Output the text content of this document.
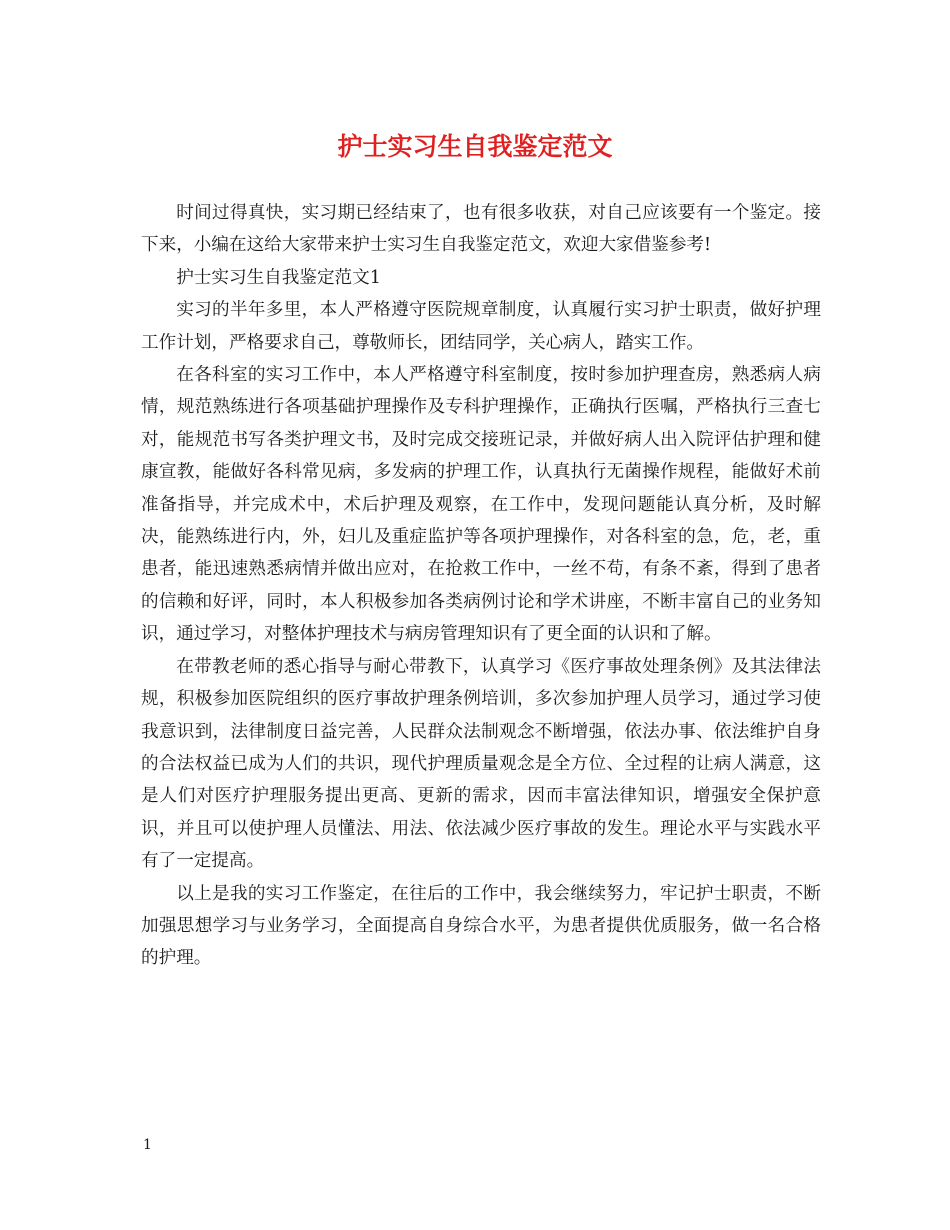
护士实习生自我鉴定范文

时间过得真快，实习期已经结束了，也有很多收获，对自己应该要有一个鉴定。接下来，小编在这给大家带来护士实习生自我鉴定范文，欢迎大家借鉴参考!

护士实习生自我鉴定范文1

实习的半年多里，本人严格遵守医院规章制度，认真履行实习护士职责，做好护理工作计划，严格要求自己，尊敬师长，团结同学，关心病人，踏实工作。

在各科室的实习工作中，本人严格遵守科室制度，按时参加护理查房，熟悉病人病情，规范熟练进行各项基础护理操作及专科护理操作，正确执行医嘱，严格执行三查七对，能规范书写各类护理文书，及时完成交接班记录，并做好病人出入院评估护理和健康宣教，能做好各科常见病，多发病的护理工作，认真执行无菌操作规程，能做好术前准备指导，并完成术中，术后护理及观察，在工作中，发现问题能认真分析，及时解决，能熟练进行内，外，妇儿及重症监护等各项护理操作，对各科室的急，危，老，重患者，能迅速熟悉病情并做出应对，在抢救工作中，一丝不苟，有条不紊，得到了患者的信赖和好评，同时，本人积极参加各类病例讨论和学术讲座，不断丰富自己的业务知识，通过学习，对整体护理技术与病房管理知识有了更全面的认识和了解。

在带教老师的悉心指导与耐心带教下，认真学习《医疗事故处理条例》及其法律法规，积极参加医院组织的医疗事故护理条例培训，多次参加护理人员学习，通过学习使我意识到，法律制度日益完善，人民群众法制观念不断增强，依法办事、依法维护自身的合法权益已成为人们的共识，现代护理质量观念是全方位、全过程的让病人满意，这是人们对医疗护理服务提出更高、更新的需求，因而丰富法律知识，增强安全保护意识，并且可以使护理人员懂法、用法、依法减少医疗事故的发生。理论水平与实践水平有了一定提高。

以上是我的实习工作鉴定，在往后的工作中，我会继续努力，牢记护士职责，不断加强思想学习与业务学习，全面提高自身综合水平，为患者提供优质服务，做一名合格的护理。

1
